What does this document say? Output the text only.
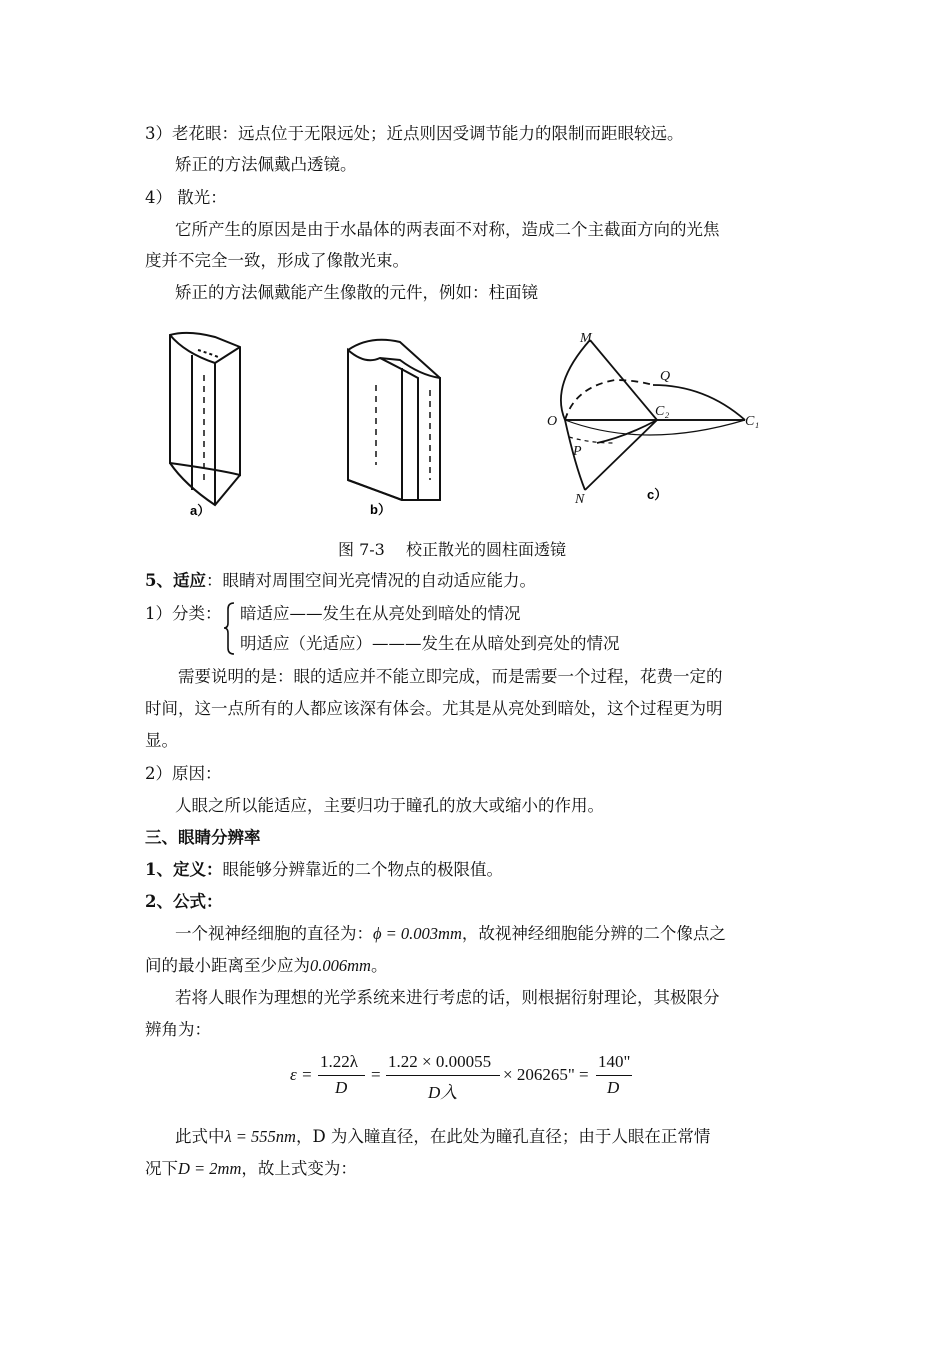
3）老花眼：远点位于无限远处；近点则因受调节能力的限制而距眼较远。
矫正的方法佩戴凸透镜。
4） 散光：
它所产生的原因是由于水晶体的两表面不对称，造成二个主截面方向的光焦
度并不完全一致，形成了像散光束。
矫正的方法佩戴能产生像散的元件，例如：柱面镜
a）	b）
M
Q
O
C₂
C₁
P
N	c）
图 7-3　 校正散光的圆柱面透镜
5、适应：眼睛对周围空间光亮情况的自动适应能力。
1）分类： 暗适应——发生在从亮处到暗处的情况
明适应（光适应）———发生在从暗处到亮处的情况
需要说明的是：眼的适应并不能立即完成，而是需要一个过程，花费一定的
时间，这一点所有的人都应该深有体会。尤其是从亮处到暗处，这个过程更为明
显。
2）原因：
人眼之所以能适应，主要归功于瞳孔的放大或缩小的作用。
三、眼睛分辨率
1、定义：眼能够分辨靠近的二个物点的极限值。
2、公式：
一个视神经细胞的直径为：ϕ = 0.003mm，故视神经细胞能分辨的二个像点之
间的最小距离至少应为0.006mm。
若将人眼作为理想的光学系统来进行考虑的话，则根据衍射理论，其极限分
辨角为：
ε =
1.22λ
D
=
1.22 × 0.00055
D入
× 206265" =
140"
D
此式中λ = 555nm，D 为入瞳直径，在此处为瞳孔直径；由于人眼在正常情
况下D = 2mm，故上式变为：
